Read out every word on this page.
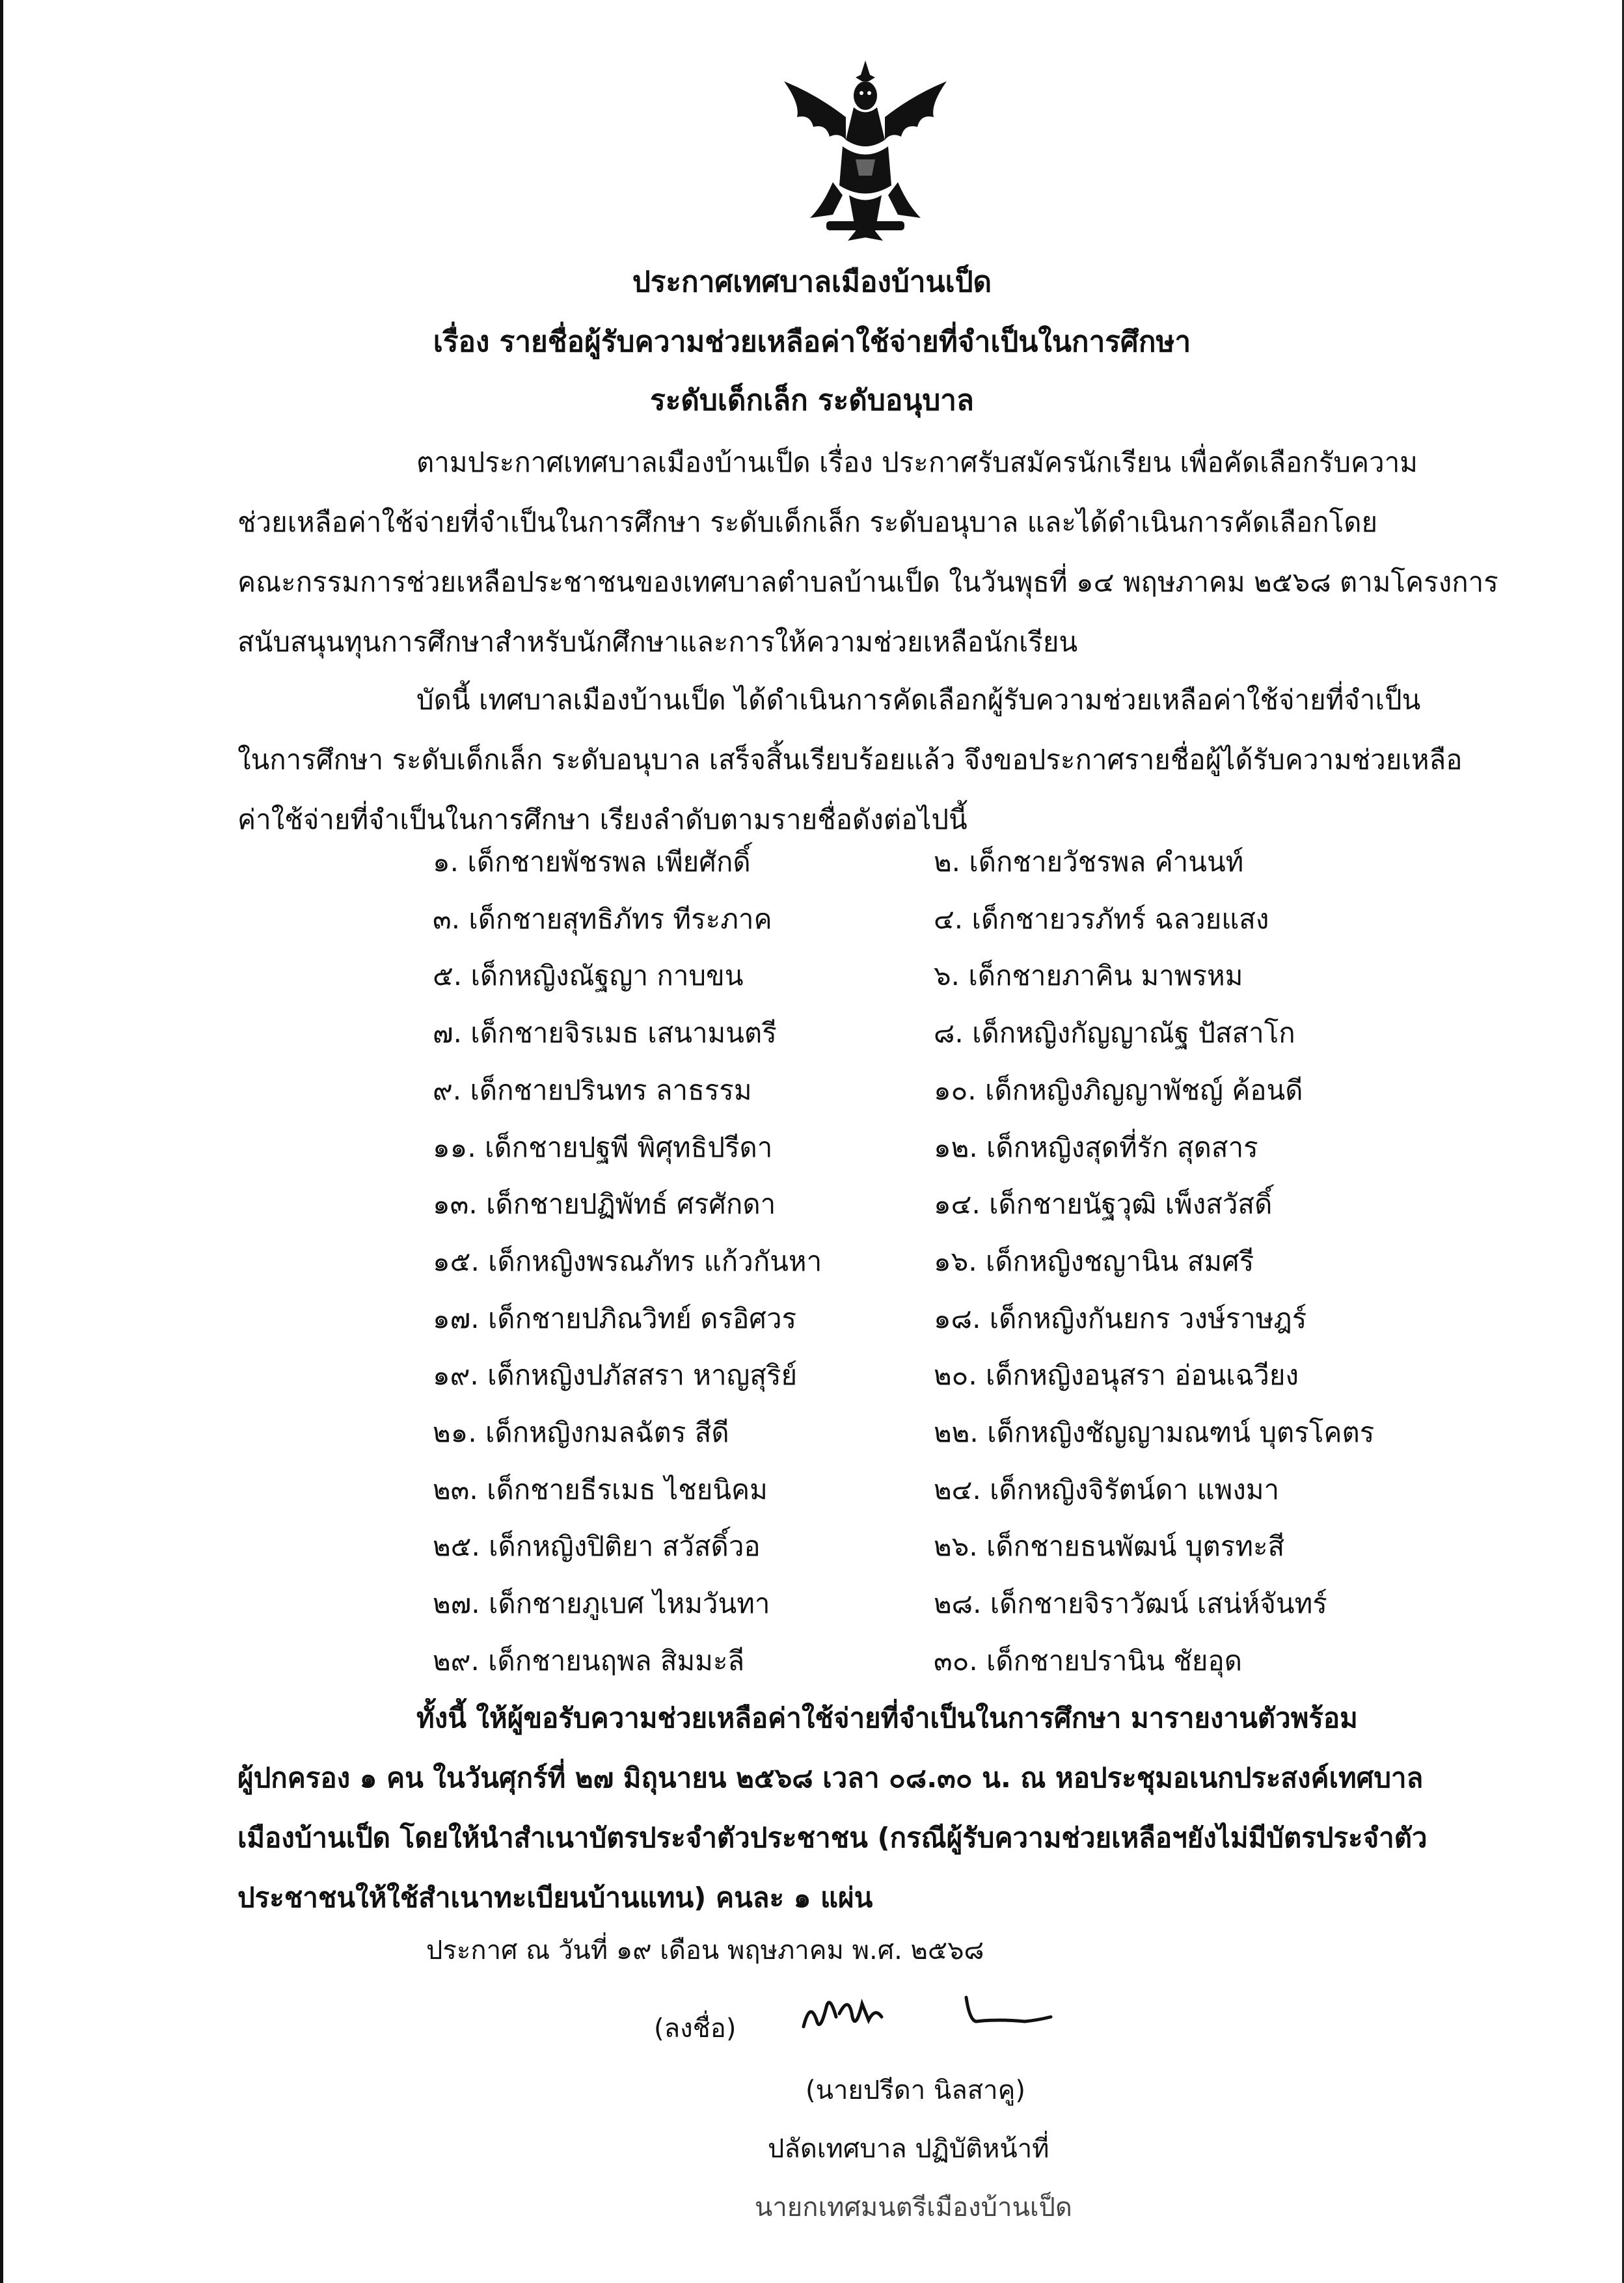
ประกาศเทศบาลเมืองบ้านเป็ด
เรื่อง รายชื่อผู้รับความช่วยเหลือค่าใช้จ่ายที่จำเป็นในการศึกษา
ระดับเด็กเล็ก ระดับอนุบาล
ตามประกาศเทศบาลเมืองบ้านเป็ด เรื่อง ประกาศรับสมัครนักเรียน เพื่อคัดเลือกรับความ
ช่วยเหลือค่าใช้จ่ายที่จำเป็นในการศึกษา ระดับเด็กเล็ก ระดับอนุบาล และได้ดำเนินการคัดเลือกโดย
คณะกรรมการช่วยเหลือประชาชนของเทศบาลตำบลบ้านเป็ด ในวันพุธที่ ๑๔ พฤษภาคม ๒๕๖๘ ตามโครงการ
สนับสนุนทุนการศึกษาสำหรับนักศึกษาและการให้ความช่วยเหลือนักเรียน
บัดนี้ เทศบาลเมืองบ้านเป็ด ได้ดำเนินการคัดเลือกผู้รับความช่วยเหลือค่าใช้จ่ายที่จำเป็น
ในการศึกษา ระดับเด็กเล็ก ระดับอนุบาล เสร็จสิ้นเรียบร้อยแล้ว จึงขอประกาศรายชื่อผู้ได้รับความช่วยเหลือ
ค่าใช้จ่ายที่จำเป็นในการศึกษา เรียงลำดับตามรายชื่อดังต่อไปนี้
๑. เด็กชายพัชรพล เพียศักดิ์	๒. เด็กชายวัชรพล คำนนท์
๓. เด็กชายสุทธิภัทร ทีระภาค	๔. เด็กชายวรภัทร์ ฉลวยแสง
๕. เด็กหญิงณัฐญา กาบขน	๖. เด็กชายภาคิน มาพรหม
๗. เด็กชายจิรเมธ เสนามนตรี	๘. เด็กหญิงกัญญาณัฐ ปัสสาโก
๙. เด็กชายปรินทร ลาธรรม	๑๐. เด็กหญิงภิญญาพัชญ์ ค้อนดี
๑๑. เด็กชายปฐพี พิศุทธิปรีดา	๑๒. เด็กหญิงสุดที่รัก สุดสาร
๑๓. เด็กชายปฏิพัทธ์ ศรศักดา	๑๔. เด็กชายนัฐวุฒิ เพ็งสวัสดิ์
๑๕. เด็กหญิงพรณภัทร แก้วกันหา	๑๖. เด็กหญิงชญานิน สมศรี
๑๗. เด็กชายปภิณวิทย์ ดรอิศวร	๑๘. เด็กหญิงกันยกร วงษ์ราษฎร์
๑๙. เด็กหญิงปภัสสรา หาญสุริย์	๒๐. เด็กหญิงอนุสรา อ่อนเฉวียง
๒๑. เด็กหญิงกมลฉัตร สีดี	๒๒. เด็กหญิงชัญญามณฑน์ บุตรโคตร
๒๓. เด็กชายธีรเมธ ไชยนิคม	๒๔. เด็กหญิงจิรัตน์ดา แพงมา
๒๕. เด็กหญิงปิติยา สวัสดิ์วอ	๒๖. เด็กชายธนพัฒน์ บุตรทะสี
๒๗. เด็กชายภูเบศ ไหมวันทา	๒๘. เด็กชายจิราวัฒน์ เสน่ห์จันทร์
๒๙. เด็กชายนฤพล สิมมะลี	๓๐. เด็กชายปรานิน ชัยอุด
ทั้งนี้ ให้ผู้ขอรับความช่วยเหลือค่าใช้จ่ายที่จำเป็นในการศึกษา มารายงานตัวพร้อม
ผู้ปกครอง ๑ คน ในวันศุกร์ที่ ๒๗ มิถุนายน ๒๕๖๘ เวลา ๐๘.๓๐ น. ณ หอประชุมอเนกประสงค์เทศบาล
เมืองบ้านเป็ด โดยให้นำสำเนาบัตรประจำตัวประชาชน (กรณีผู้รับความช่วยเหลือฯยังไม่มีบัตรประจำตัว
ประชาชนให้ใช้สำเนาทะเบียนบ้านแทน) คนละ ๑ แผ่น
ประกาศ ณ วันที่ ๑๙ เดือน พฤษภาคม พ.ศ. ๒๕๖๘
(ลงชื่อ)
(นายปรีดา นิลสาคู)
ปลัดเทศบาล ปฏิบัติหน้าที่
นายกเทศมนตรีเมืองบ้านเป็ด
